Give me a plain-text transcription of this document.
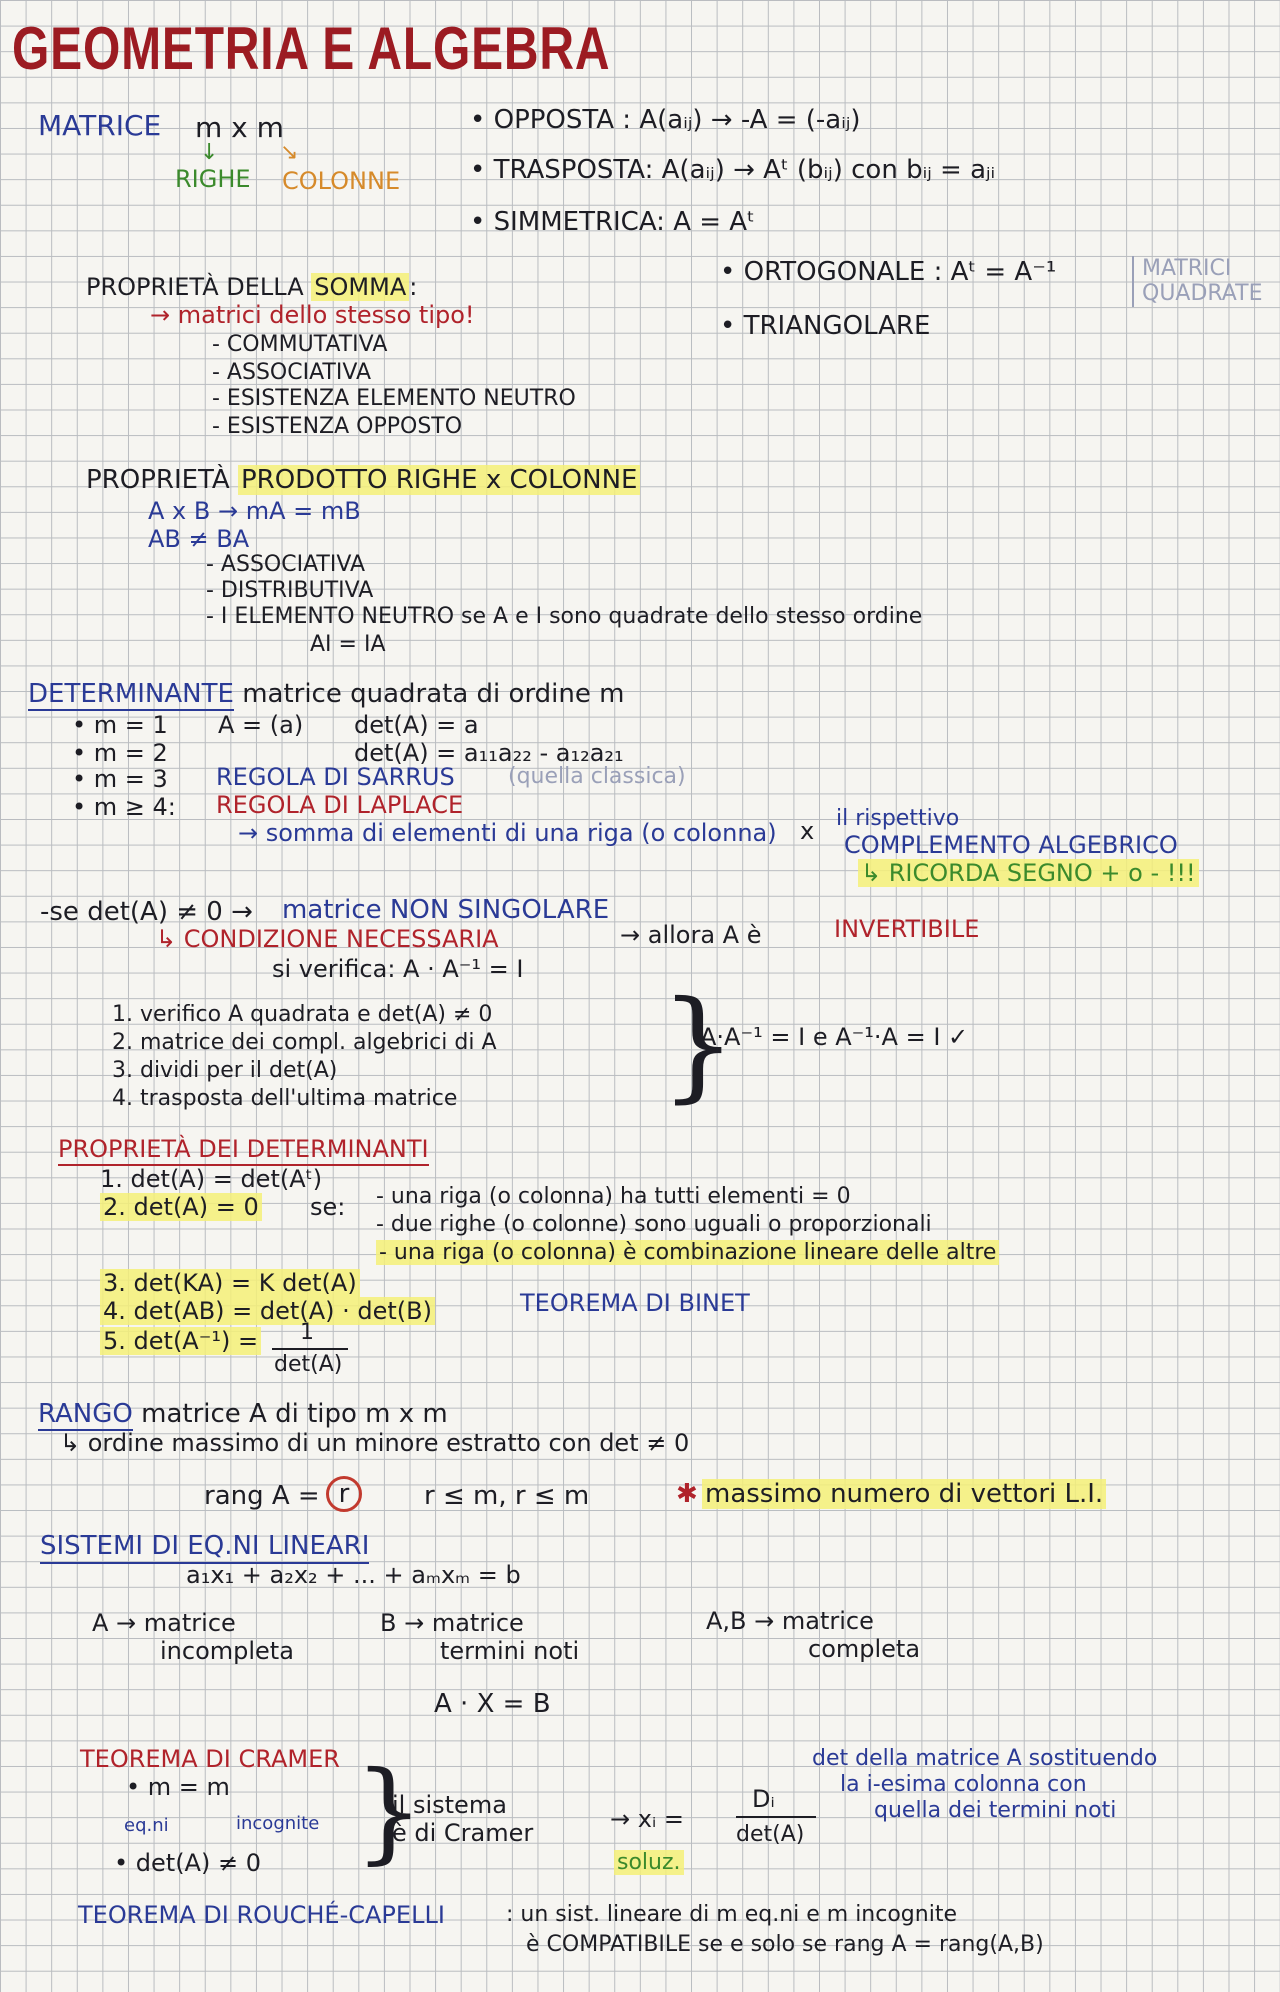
GEOMETRIA E ALGEBRA
MATRICE m x m
↓	↘
RIGHE COLONNE
• OPPOSTA : A(aᵢⱼ) → -A = (-aᵢⱼ)
• TRASPOSTA: A(aᵢⱼ) → Aᵗ (bᵢⱼ) con bᵢⱼ = aⱼᵢ
• SIMMETRICA: A = Aᵗ
• ORTOGONALE : Aᵗ = A⁻¹
• TRIANGOLARE
MATRICI QUADRATE
PROPRIETÀ DELLA SOMMA :
→ matrici dello stesso tipo!
- COMMUTATIVA
- ASSOCIATIVA
- ESISTENZA ELEMENTO NEUTRO
- ESISTENZA OPPOSTO
PROPRIETÀ PRODOTTO RIGHE x COLONNE
A x B → mA = mB
AB ≠ BA
- ASSOCIATIVA
- DISTRIBUTIVA
- I ELEMENTO NEUTRO se A e I sono quadrate dello stesso ordine
AI = IA
DETERMINANTE matrice quadrata di ordine m
• m = 1 A = (a) det(A) = a
• m = 2	det(A) = a₁₁a₂₂ - a₁₂a₂₁
• m = 3 REGOLA DI SARRUS (quella classica)
• m ≥ 4: REGOLA DI LAPLACE
→ somma di elementi di una riga (o colonna) x il rispettivo
COMPLEMENTO ALGEBRICO
↳ RICORDA SEGNO + o - !!!
-se det(A) ≠ 0 → matrice NON SINGOLARE
↳ CONDIZIONE NECESSARIA	→ allora A è	INVERTIBILE
si verifica: A · A⁻¹ = I
1. verifico A quadrata e det(A) ≠ 0
2. matrice dei compl. algebrici di A
3. dividi per il det(A)
4. trasposta dell'ultima matrice }
A·A⁻¹ = I e A⁻¹·A = I ✓
PROPRIETÀ DEI DETERMINANTI
1. det(A) = det(Aᵗ)
2. det(A) = 0 se: - una riga (o colonna) ha tutti elementi = 0
- due righe (o colonne) sono uguali o proporzionali
- una riga (o colonna) è combinazione lineare delle altre
3. det(KA) = K det(A)
4. det(AB) = det(A) · det(B)	TEOREMA DI BINET
5. det(A⁻¹) = 1
det(A)
RANGO matrice A di tipo m x m
↳ ordine massimo di un minore estratto con det ≠ 0
rang A = r	r ≤ m, r ≤ m	✱ massimo numero di vettori L.I.
SISTEMI DI EQ.NI LINEARI
a₁x₁ + a₂x₂ + ... + aₘxₘ = b
A → matrice
incompleta
B → matrice
termini noti
A,B → matrice
completa
A · X = B
TEOREMA DI CRAMER
• m = m
eq.ni	incognite
• det(A) ≠ 0 }
il sistema
è di Cramer	→ xᵢ =
Dᵢ
det(A)
soluz.
det della matrice A sostituendo
la i-esima colonna con
quella dei termini noti
TEOREMA DI ROUCHÉ-CAPELLI	: un sist. lineare di m eq.ni e m incognite
è COMPATIBILE se e solo se rang A = rang(A,B)
